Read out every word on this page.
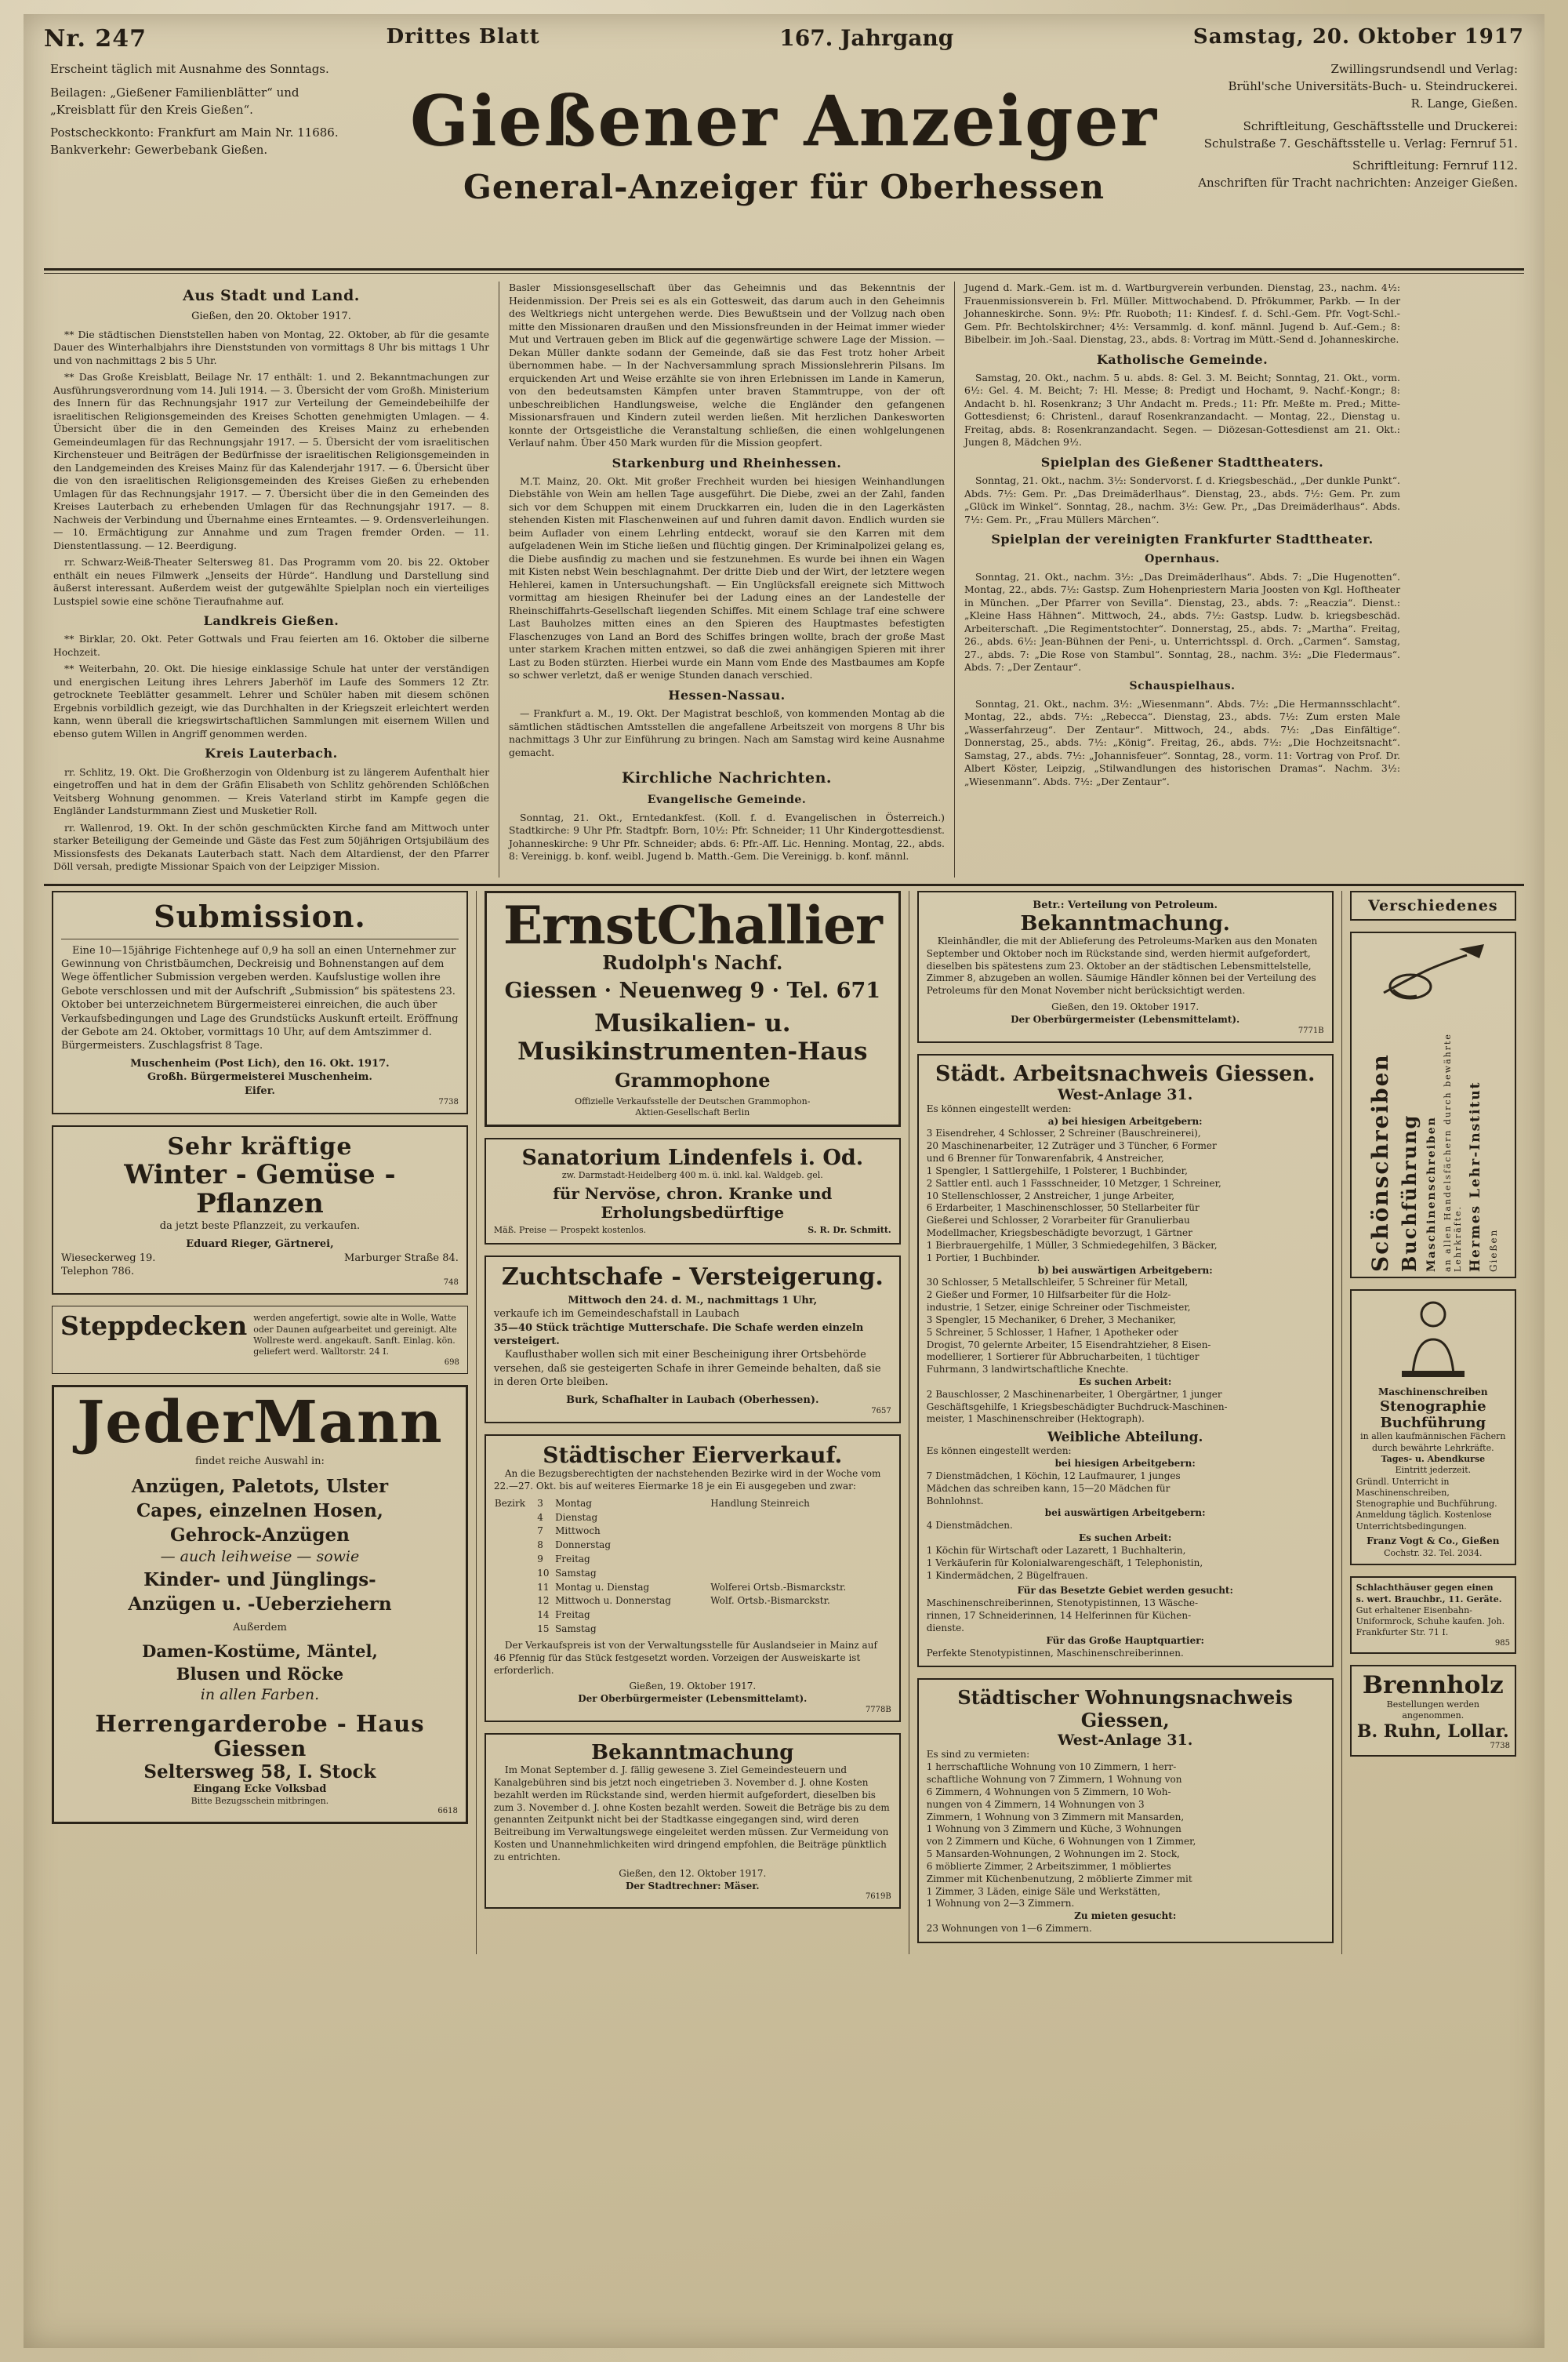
Nr. 247	Drittes Blatt	167. Jahrgang	Samstag, 20. Oktober 1917
Erscheint täglich mit Ausnahme des Sonntags.
Beilagen: „Gießener Familienblätter“ und
„Kreisblatt für den Kreis Gießen“.
Postscheckkonto: Frankfurt am Main Nr. 11686.
Bankverkehr: Gewerbebank Gießen.
Zwillingsrundsendl und Verlag:
Brühl'sche Universitäts-Buch- u. Steindruckerei.
R. Lange, Gießen.
Schriftleitung, Geschäftsstelle und Druckerei:
Schulstraße 7. Geschäftsstelle u. Verlag: Fernruf 51.
Schriftleitung: Fernruf 112.
Anschriften für Tracht nachrichten: Anzeiger Gießen.
Gießener Anzeiger
General-Anzeiger für Oberhessen
Aus Stadt und Land.
Gießen, den 20. Oktober 1917.

** Die städtischen Dienststellen haben von Montag, 22. Oktober, ab für die gesamte Dauer des Winterhalbjahrs ihre Dienststunden von vormittags 8 Uhr bis mittags 1 Uhr und von nachmittags 2 bis 5 Uhr.

** Das Große Kreisblatt, Beilage Nr. 17 enthält: 1. und 2. Bekanntmachungen zur Ausführungsverordnung vom 14. Juli 1914. — 3. Übersicht der vom Großh. Ministerium des Innern für das Rechnungsjahr 1917 zur Verteilung der Gemeindebeihilfe der israelitischen Religionsgemeinden des Kreises Schotten genehmigten Umlagen. — 4. Übersicht über die in den Gemeinden des Kreises Mainz zu erhebenden Gemeindeumlagen für das Rechnungsjahr 1917. — 5. Übersicht der vom israelitischen Kirchensteuer und Beiträgen der Bedürfnisse der israelitischen Religionsgemeinden in den Landgemeinden des Kreises Mainz für das Kalenderjahr 1917. — 6. Übersicht über die von den israelitischen Religionsgemeinden des Kreises Gießen zu erhebenden Umlagen für das Rechnungsjahr 1917. — 7. Übersicht über die in den Gemeinden des Kreises Lauterbach zu erhebenden Umlagen für das Rechnungsjahr 1917. — 8. Nachweis der Verbindung und Übernahme eines Ernteamtes. — 9. Ordensverleihungen. — 10. Ermächtigung zur Annahme und zum Tragen fremder Orden. — 11. Dienstentlassung. — 12. Beerdigung.

rr. Schwarz-Weiß-Theater Seltersweg 81. Das Programm vom 20. bis 22. Oktober enthält ein neues Filmwerk „Jenseits der Hürde“. Handlung und Darstellung sind äußerst interessant. Außerdem weist der gutgewählte Spielplan noch ein vierteiliges Lustspiel sowie eine schöne Tieraufnahme auf.

Landkreis Gießen.

** Birklar, 20. Okt. Peter Gottwals und Frau feierten am 16. Oktober die silberne Hochzeit.

** Weiterbahn, 20. Okt. Die hiesige einklassige Schule hat unter der verständigen und energischen Leitung ihres Lehrers Jaberhöf im Laufe des Sommers 12 Ztr. getrocknete Teeblätter gesammelt. Lehrer und Schüler haben mit diesem schönen Ergebnis vorbildlich gezeigt, wie das Durchhalten in der Kriegszeit erleichtert werden kann, wenn überall die kriegswirtschaftlichen Sammlungen mit eisernem Willen und ebenso gutem Willen in Angriff genommen werden.

Kreis Lauterbach.

rr. Schlitz, 19. Okt. Die Großherzogin von Oldenburg ist zu längerem Aufenthalt hier eingetroffen und hat in dem der Gräfin Elisabeth von Schlitz gehörenden Schlößchen Veitsberg Wohnung genommen. — Kreis Vaterland stirbt im Kampfe gegen die Engländer Landsturmmann Ziest und Musketier Roll.

rr. Wallenrod, 19. Okt. In der schön geschmückten Kirche fand am Mittwoch unter starker Beteiligung der Gemeinde und Gäste das Fest zum 50jährigen Ortsjubiläum des Missionsfests des Dekanats Lauterbach statt. Nach dem Altardienst, der den Pfarrer Döll versah, predigte Missionar Spaich von der Leipziger Mission.

Basler Missionsgesellschaft über das Geheimnis und das Bekenntnis der Heidenmission. Der Preis sei es als ein Gottesweit, das darum auch in den Geheimnis des Weltkriegs nicht untergehen werde. Dies Bewußtsein und der Vollzug nach oben mitte den Missionaren draußen und den Missionsfreunden in der Heimat immer wieder Mut und Vertrauen geben im Blick auf die gegenwärtige schwere Lage der Mission. — Dekan Müller dankte sodann der Gemeinde, daß sie das Fest trotz hoher Arbeit übernommen habe. — In der Nachversammlung sprach Missionslehrerin Pilsans. Im erquickenden Art und Weise erzählte sie von ihren Erlebnissen im Lande in Kamerun, von den bedeutsamsten Kämpfen unter braven Stammtruppe, von der oft unbeschreiblichen Handlungsweise, welche die Engländer den gefangenen Missionarsfrauen und Kindern zuteil werden ließen. Mit herzlichen Dankesworten konnte der Ortsgeistliche die Veranstaltung schließen, die einen wohlgelungenen Verlauf nahm. Über 450 Mark wurden für die Mission geopfert.

Starkenburg und Rheinhessen.

M.T. Mainz, 20. Okt. Mit großer Frechheit wurden bei hiesigen Weinhandlungen Diebstähle von Wein am hellen Tage ausgeführt. Die Diebe, zwei an der Zahl, fanden sich vor dem Schuppen mit einem Druckkarren ein, luden die in den Lagerkästen stehenden Kisten mit Flaschenweinen auf und fuhren damit davon. Endlich wurden sie beim Auflader von einem Lehrling entdeckt, worauf sie den Karren mit dem aufgeladenen Wein im Stiche ließen und flüchtig gingen. Der Kriminalpolizei gelang es, die Diebe ausfindig zu machen und sie festzunehmen. Es wurde bei ihnen ein Wagen mit Kisten nebst Wein beschlagnahmt. Der dritte Dieb und der Wirt, der letztere wegen Hehlerei, kamen in Untersuchungshaft. — Ein Unglücksfall ereignete sich Mittwoch vormittag am hiesigen Rheinufer bei der Ladung eines an der Landestelle der Rheinschiffahrts-Gesellschaft liegenden Schiffes. Mit einem Schlage traf eine schwere Last Bauholzes mitten eines an den Spieren des Hauptmastes befestigten Flaschenzuges von Land an Bord des Schiffes bringen wollte, brach der große Mast unter starkem Krachen mitten entzwei, so daß die zwei anhängigen Spieren mit ihrer Last zu Boden stürzten. Hierbei wurde ein Mann vom Ende des Mastbaumes am Kopfe so schwer verletzt, daß er wenige Stunden danach verschied.

Hessen-Nassau.

— Frankfurt a. M., 19. Okt. Der Magistrat beschloß, von kommenden Montag ab die sämtlichen städtischen Amtsstellen die angefallene Arbeitszeit von morgens 8 Uhr bis nachmittags 3 Uhr zur Einführung zu bringen. Nach am Samstag wird keine Ausnahme gemacht.

Kirchliche Nachrichten.
Evangelische Gemeinde.

Sonntag, 21. Okt., Erntedankfest. (Koll. f. d. Evangelischen in Österreich.) Stadtkirche: 9 Uhr Pfr. Stadtpfr. Born, 10½: Pfr. Schneider; 11 Uhr Kindergottesdienst. Johanneskirche: 9 Uhr Pfr. Schneider; abds. 6: Pfr.-Aff. Lic. Henning. Montag, 22., abds. 8: Vereinigg. b. konf. weibl. Jugend b. Matth.-Gem. Die Vereinigg. b. konf. männl.

Jugend d. Mark.-Gem. ist m. d. Wartburgverein verbunden. Dienstag, 23., nachm. 4½: Frauenmissionsverein b. Frl. Müller. Mittwochabend. D. Pfrökummer, Parkb. — In der Johanneskirche. Sonn. 9½: Pfr. Ruoboth; 11: Kindesf. f. d. Schl.-Gem. Pfr. Vogt-Schl.-Gem. Pfr. Bechtolskirchner; 4½: Versammlg. d. konf. männl. Jugend b. Auf.-Gem.; 8: Bibelbeir. im Joh.-Saal. Dienstag, 23., abds. 8: Vortrag im Mütt.-Send d. Johanneskirche.

Katholische Gemeinde.

Samstag, 20. Okt., nachm. 5 u. abds. 8: Gel. 3. M. Beicht; Sonntag, 21. Okt., vorm. 6½: Gel. 4. M. Beicht; 7: Hl. Messe; 8: Predigt und Hochamt, 9. Nachf.-Kongr.; 8: Andacht b. hl. Rosenkranz; 3 Uhr Andacht m. Preds.; 11: Pfr. Meßte m. Pred.; Mitte-Gottesdienst; 6: Christenl., darauf Rosenkranzandacht. — Montag, 22., Dienstag u. Freitag, abds. 8: Rosenkranzandacht. Segen. — Diözesan-Gottesdienst am 21. Okt.: Jungen 8, Mädchen 9½.

Spielplan des Gießener Stadttheaters.

Sonntag, 21. Okt., nachm. 3½: Sondervorst. f. d. Kriegsbeschäd., „Der dunkle Punkt“. Abds. 7½: Gem. Pr. „Das Dreimäderlhaus“. Dienstag, 23., abds. 7½: Gem. Pr. zum „Glück im Winkel“. Sonntag, 28., nachm. 3½: Gew. Pr., „Das Dreimäderlhaus“. Abds. 7½: Gem. Pr., „Frau Müllers Märchen“.

Spielplan der vereinigten Frankfurter Stadttheater.
Opernhaus.

Sonntag, 21. Okt., nachm. 3½: „Das Dreimäderlhaus“. Abds. 7: „Die Hugenotten“. Montag, 22., abds. 7½: Gastsp. Zum Hohenpriestern Maria Joosten von Kgl. Hoftheater in München. „Der Pfarrer von Sevilla“. Dienstag, 23., abds. 7: „Reaczia“. Dienst.: „Kleine Hass Hähnen“. Mittwoch, 24., abds. 7½: Gastsp. Ludw. b. kriegsbeschäd. Arbeiterschaft. „Die Regimentstochter“. Donnerstag, 25., abds. 7: „Martha“. Freitag, 26., abds. 6½: Jean-Bühnen der Peni-, u. Unterrichtsspl. d. Orch. „Carmen“. Samstag, 27., abds. 7: „Die Rose von Stambul“. Sonntag, 28., nachm. 3½: „Die Fledermaus“. Abds. 7: „Der Zentaur“.

Schauspielhaus.

Sonntag, 21. Okt., nachm. 3½: „Wiesenmann“. Abds. 7½: „Die Hermannsschlacht“. Montag, 22., abds. 7½: „Rebecca“. Dienstag, 23., abds. 7½: Zum ersten Male „Wasserfahrzeug“. Der Zentaur“. Mittwoch, 24., abds. 7½: „Das Einfältige“. Donnerstag, 25., abds. 7½: „König“. Freitag, 26., abds. 7½: „Die Hochzeitsnacht“. Samstag, 27., abds. 7½: „Johannisfeuer“. Sonntag, 28., vorm. 11: Vortrag von Prof. Dr. Albert Köster, Leipzig, „Stilwandlungen des historischen Dramas“. Nachm. 3½: „Wiesenmann“. Abds. 7½: „Der Zentaur“.

Submission.

Eine 10—15jährige Fichtenhege auf 0,9 ha soll an einen Unternehmer zur Gewinnung von Christbäumchen, Deckreisig und Bohnenstangen auf dem Wege öffentlicher Submission vergeben werden. Kaufslustige wollen ihre Gebote verschlossen und mit der Aufschrift „Submission“ bis spätestens 23. Oktober bei unterzeichnetem Bürgermeisterei einreichen, die auch über Verkaufsbedingungen und Lage des Grundstücks Auskunft erteilt. Eröffnung der Gebote am 24. Oktober, vormittags 10 Uhr, auf dem Amtszimmer d. Bürgermeisters. Zuschlagsfrist 8 Tage.

Muschenheim (Post Lich), den 16. Okt. 1917.
Großh. Bürgermeisterei Muschenheim.
Eifer.
7738
Sehr kräftige
Winter - Gemüse - Pflanzen
da jetzt beste Pflanzzeit, zu verkaufen.
Eduard Rieger, Gärtnerei,
Wieseckerweg 19.	Marburger Straße 84.
Telephon 786.
748
Steppdecken werden angefertigt, sowie alte in Wolle, Watte oder Daunen aufgearbeitet und gereinigt. Alte Wollreste werd. angekauft. Sanft. Einlag. kön. geliefert werd. Walltorstr. 24 I.
698
JederMann
findet reiche Auswahl in:
Anzügen, Paletots, Ulster
Capes, einzelnen Hosen,
Gehrock-Anzügen
— auch leihweise — sowie
Kinder- und Jünglings-
Anzügen u. -Ueberziehern
Außerdem
Damen-Kostüme, Mäntel,
Blusen und Röcke
in allen Farben.
Herrengarderobe - Haus
Giessen
Seltersweg 58, I. Stock
Eingang Ecke Volksbad
Bitte Bezugsschein mitbringen.
6618
ErnstChallier
Rudolph's Nachf.
Giessen · Neuenweg 9 · Tel. 671
Musikalien- u.
Musikinstrumenten-Haus
Grammophone
Offizielle Verkaufsstelle der Deutschen Grammophon-
Aktien-Gesellschaft Berlin
Sanatorium Lindenfels i. Od.
zw. Darmstadt-Heidelberg 400 m. ü. inkl. kal. Waldgeb. gel.
für Nervöse, chron. Kranke und Erholungsbedürftige
Mäß. Preise — Prospekt kostenlos.	S. R. Dr. Schmitt.
Zuchtschafe - Versteigerung.
Mittwoch den 24. d. M., nachmittags 1 Uhr,
verkaufe ich im Gemeindeschafstall in Laubach
35—40 Stück trächtige Mutterschafe. Die Schafe werden einzeln versteigert.

Kauflusthaber wollen sich mit einer Bescheinigung ihrer Ortsbehörde versehen, daß sie gesteigerten Schafe in ihrer Gemeinde behalten, daß sie in deren Orte bleiben.

Burk, Schafhalter in Laubach (Oberhessen).
7657
Städtischer Eierverkauf.

An die Bezugsberechtigten der nachstehenden Bezirke wird in der Woche vom 22.—27. Okt. bis auf weiteres Eiermarke 18 je ein Ei ausgegeben und zwar:

Bezirk	3	Montag	Handlung Steinreich
	4	Dienstag	
	7	Mittwoch	
	8	Donnerstag	
	9	Freitag	
	10	Samstag	
	11	Montag u. Dienstag	Wolferei Ortsb.-Bismarckstr.
	12	Mittwoch u. Donnerstag	Wolf. Ortsb.-Bismarckstr.
	14	Freitag	
	15	Samstag	

Der Verkaufspreis ist von der Verwaltungsstelle für Auslandseier in Mainz auf 46 Pfennig für das Stück festgesetzt worden. Vorzeigen der Ausweiskarte ist erforderlich.

Gießen, 19. Oktober 1917.
Der Oberbürgermeister (Lebensmittelamt).
7778B
Bekanntmachung

Im Monat September d. J. fällig gewesene 3. Ziel Gemeindesteuern und Kanalgebühren sind bis jetzt noch eingetrieben 3. November d. J. ohne Kosten bezahlt werden im Rückstande sind, werden hiermit aufgefordert, dieselben bis zum 3. November d. J. ohne Kosten bezahlt werden. Soweit die Beträge bis zu dem genannten Zeitpunkt nicht bei der Stadtkasse eingegangen sind, wird deren Beitreibung im Verwaltungswege eingeleitet werden müssen. Zur Vermeidung von Kosten und Unannehmlichkeiten wird dringend empfohlen, die Beiträge pünktlich zu entrichten.

Gießen, den 12. Oktober 1917.
Der Stadtrechner: Mäser.
7619B
Betr.: Verteilung von Petroleum.
Bekanntmachung.

Kleinhändler, die mit der Ablieferung des Petroleums-Marken aus den Monaten September und Oktober noch im Rückstande sind, werden hiermit aufgefordert, dieselben bis spätestens zum 23. Oktober an der städtischen Lebensmittelstelle, Zimmer 8, abzugeben an wollen. Säumige Händler können bei der Verteilung des Petroleums für den Monat November nicht berücksichtigt werden.

Gießen, den 19. Oktober 1917.
Der Oberbürgermeister (Lebensmittelamt).
7771B
Städt. Arbeitsnachweis Giessen.
West-Anlage 31.
Es können eingestellt werden:
a) bei hiesigen Arbeitgebern:
3 Eisendreher, 4 Schlosser, 2 Schreiner (Bauschreinerei),
20 Maschinenarbeiter, 12 Zuträger und 3 Tüncher, 6 Former
und 6 Brenner für Tonwarenfabrik, 4 Anstreicher,
1 Spengler, 1 Sattlergehilfe, 1 Polsterer, 1 Buchbinder,
2 Sattler entl. auch 1 Fassschneider, 10 Metzger, 1 Schreiner,
10 Stellenschlosser, 2 Anstreicher, 1 junge Arbeiter,
6 Erdarbeiter, 1 Maschinenschlosser, 50 Stellarbeiter für
Gießerei und Schlosser, 2 Vorarbeiter für Granulierbau
Modellmacher, Kriegsbeschädigte bevorzugt, 1 Gärtner
1 Bierbrauergehilfe, 1 Müller, 3 Schmiedegehilfen, 3 Bäcker,
1 Portier, 1 Buchbinder.
b) bei auswärtigen Arbeitgebern:
30 Schlosser, 5 Metallschleifer, 5 Schreiner für Metall,
2 Gießer und Former, 10 Hilfsarbeiter für die Holz-
industrie, 1 Setzer, einige Schreiner oder Tischmeister,
3 Spengler, 15 Mechaniker, 6 Dreher, 3 Mechaniker,
5 Schreiner, 5 Schlosser, 1 Hafner, 1 Apotheker oder
Drogist, 70 gelernte Arbeiter, 15 Eisendrahtzieher, 8 Eisen-
modellierer, 1 Sortierer für Abbrucharbeiten, 1 tüchtiger
Fuhrmann, 3 landwirtschaftliche Knechte.
Es suchen Arbeit:
2 Bauschlosser, 2 Maschinenarbeiter, 1 Obergärtner, 1 junger
Geschäftsgehilfe, 1 Kriegsbeschädigter Buchdruck-Maschinen-
meister, 1 Maschinenschreiber (Hektograph).
Weibliche Abteilung.
Es können eingestellt werden:
bei hiesigen Arbeitgebern:
7 Dienstmädchen, 1 Köchin, 12 Laufmaurer, 1 junges
Mädchen das schreiben kann, 15—20 Mädchen für
Bohnlohnst.
bei auswärtigen Arbeitgebern:
4 Dienstmädchen.
Es suchen Arbeit:
1 Köchin für Wirtschaft oder Lazarett, 1 Buchhalterin,
1 Verkäuferin für Kolonialwarengeschäft, 1 Telephonistin,
1 Kindermädchen, 2 Bügelfrauen.
Für das Besetzte Gebiet werden gesucht:
Maschinenschreiberinnen, Stenotypistinnen, 13 Wäsche-
rinnen, 17 Schneiderinnen, 14 Helferinnen für Küchen-
dienste.
Für das Große Hauptquartier:
Perfekte Stenotypistinnen, Maschinenschreiberinnen.
Städtischer Wohnungsnachweis Giessen,
West-Anlage 31.
Es sind zu vermieten:
1 herrschaftliche Wohnung von 10 Zimmern, 1 herr-
schaftliche Wohnung von 7 Zimmern, 1 Wohnung von
6 Zimmern, 4 Wohnungen von 5 Zimmern, 10 Woh-
nungen von 4 Zimmern, 14 Wohnungen von 3
Zimmern, 1 Wohnung von 3 Zimmern mit Mansarden,
1 Wohnung von 3 Zimmern und Küche, 3 Wohnungen
von 2 Zimmern und Küche, 6 Wohnungen von 1 Zimmer,
5 Mansarden-Wohnungen, 2 Wohnungen im 2. Stock,
6 möblierte Zimmer, 2 Arbeitszimmer, 1 möbliertes
Zimmer mit Küchenbenutzung, 2 möblierte Zimmer mit
1 Zimmer, 3 Läden, einige Säle und Werkstätten,
1 Wohnung von 2—3 Zimmern.
Zu mieten gesucht:
23 Wohnungen von 1—6 Zimmern.
Verschiedenes
Schönschreiben Buchführung Maschinenschreiben an allen Handelsfächern durch bewährte Lehrkräfte. Hermes Lehr-Institut Gießen
Maschinenschreiben
Stenographie
Buchführung
in allen kaufmännischen Fächern durch bewährte Lehrkräfte.
Tages- u. Abendkurse
Eintritt jederzeit.
Gründl. Unterricht in Maschinenschreiben, Stenographie und Buchführung. Anmeldung täglich. Kostenlose Unterrichtsbedingungen.
Franz Vogt & Co., Gießen
Cochstr. 32. Tel. 2034.
Schlachthäuser gegen einen
s. wert. Brauchbr., 11. Geräte.
Gut erhaltener Eisenbahn-Uniformrock, Schuhe kaufen. Joh. Frankfurter Str. 71 I.
985
Brennholz
Bestellungen werden angenommen.
B. Ruhn, Lollar.
7738
